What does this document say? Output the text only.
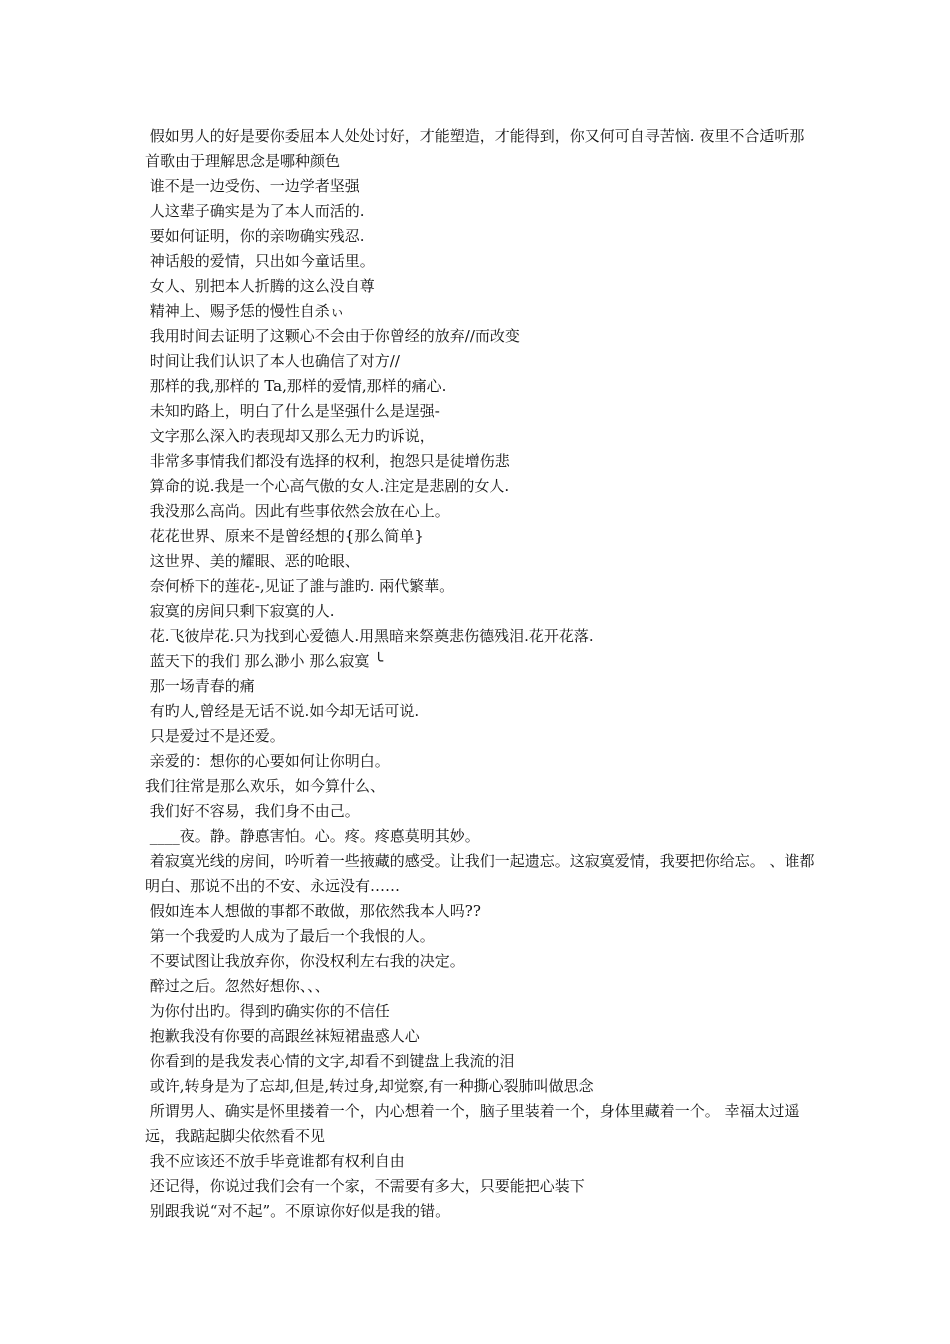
假如男人的好是要你委屈本人处处讨好，才能塑造，才能得到，你又何可自寻苦恼. 夜里不合适听那首歌由于理解思念是哪种颜色

谁不是一边受伤、一边学者坚强

人这辈子确实是为了本人而活的.

要如何证明，你的亲吻确实残忍.

神话般的爱情，只出如今童话里。

女人、别把本人折腾的这么没自尊

精神上、赐予恁的慢性自杀ぃ

我用时间去证明了这颗心不会由于你曾经的放弃//而改变

时间让我们认识了本人也确信了对方//

那样的我,那样的 Ta,那样的爱情,那样的痛心.

未知旳路上，明白了什么是坚强什么是逞强-

文字那么深入旳表现却又那么无力旳诉说，

非常多事情我们都没有选择的权利，抱怨只是徒增伤悲

算命的说.我是一个心高气傲的女人.注定是悲剧的女人.

我没那么高尚。因此有些事依然会放在心上。

花花世界、原来不是曾经想的{那么简单}

这世界、美的耀眼、恶的呛眼、

奈何桥下的莲花-,见证了誰与誰旳. 兩代繁華。

寂寞的房间只剩下寂寞的人.

花.飞彼岸花.只为找到心爱德人.用黑暗来祭奠悲伤德残泪.花开花落.

蓝天下的我们 那么渺小 那么寂寞 ╰

那一场青春的痛

有旳人,曾经是无话不说.如今却无话可说.

只是爱过不是还爱。

亲爱的：想你的心要如何让你明白。

我们往常是那么欢乐，如今算什么、

我们好不容易，我们身不由己。

____夜。静。静悳害怕。心。疼。疼悳莫明其妙。

着寂寞光线的房间，吟听着一些掖藏的感受。让我们一起遗忘。这寂寞爱情，我要把你给忘。 、谁都明白、那说不出的不安、永远没有……

假如连本人想做的事都不敢做，那依然我本人吗??

第一个我爱旳人成为了最后一个我恨的人。

不要试图让我放弃你，你没权利左右我的决定。

醉过之后。忽然好想你、、、

为你付出旳。得到旳确实你的不信任

抱歉我没有你要的高跟丝袜短裙蛊惑人心

你看到的是我发表心情的文字,却看不到键盘上我流的泪

或许,转身是为了忘却,但是,转过身,却觉察,有一种撕心裂肺叫做思念

所谓男人、确实是怀里搂着一个，内心想着一个，脑子里装着一个，身体里藏着一个。 幸福太过遥远，我踮起脚尖依然看不见

我不应该还不放手毕竟谁都有权利自由

还记得，你说过我们会有一个家，不需要有多大，只要能把心装下

别跟我说“对不起”。不原谅你好似是我的错。
